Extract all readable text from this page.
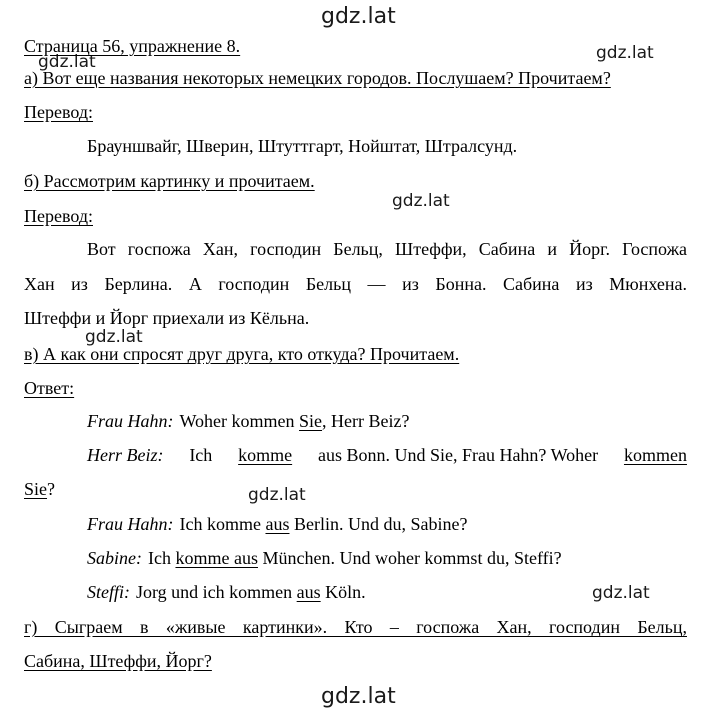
gdz.lat
gdz.lat	gdz.lat
gdz.lat
gdz.lat
gdz.lat
gdz.lat
gdz.lat
Страница 56, упражнение 8.
а) Вот еще названия некоторых немецких городов. Послушаем? Прочитаем?
Перевод:
Брауншвайг, Шверин, Штуттгарт, Нойштат, Штралсунд.
б) Рассмотрим картинку и прочитаем.
Перевод:
Вот госпожа Хан, господин Бельц, Штеффи, Сабина и Йорг. Госпожа
Хан из Берлина. А господин Бельц — из Бонна. Сабина из Мюнхена.
Штеффи и Йорг приехали из Кёльна.
в) А как они спросят друг друга, кто откуда? Прочитаем.
Ответ:
Frau Hahn: Woher kommen Sie, Herr Beiz?
Herr Beiz: Ich komme aus Bonn. Und Sie, Frau Hahn? Woher kommen
Sie?
Frau Hahn: Ich komme aus Berlin. Und du, Sabine?
Sabine: Ich komme aus München. Und woher kommst du, Steffi?
Steffi: Jorg und ich kommen aus Köln.
г) Сыграем в «живые картинки». Кто – госпожа Хан, господин Бельц,
Сабина, Штеффи, Йорг?
